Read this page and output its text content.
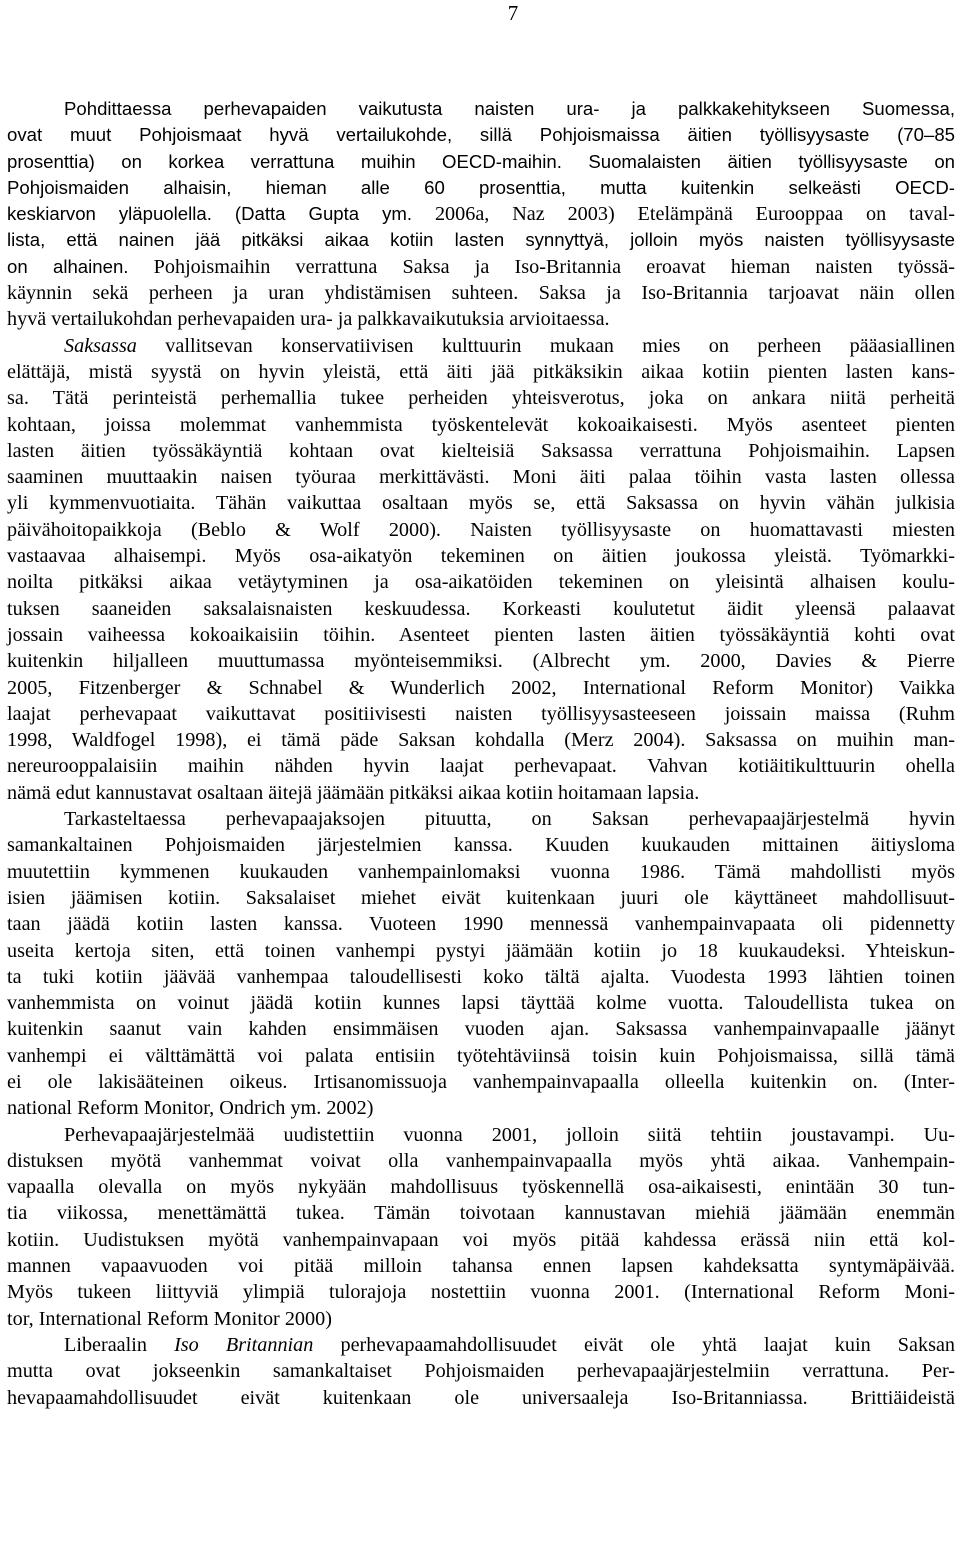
7
Pohdittaessa perhevapaiden vaikutusta naisten ura- ja palkkakehitykseen Suomessa,
ovat muut Pohjoismaat hyvä vertailukohde, sillä Pohjoismaissa äitien työllisyysaste (70–85
prosenttia) on korkea verrattuna muihin OECD-maihin. Suomalaisten äitien työllisyysaste on
Pohjoismaiden alhaisin, hieman alle 60 prosenttia, mutta kuitenkin selkeästi OECD-
keskiarvon yläpuolella. (Datta Gupta ym. 2006a, Naz 2003) Etelämpänä Eurooppaa on taval-
lista, että nainen jää pitkäksi aikaa kotiin lasten synnyttyä, jolloin myös naisten työllisyysaste
on alhainen. Pohjoismaihin verrattuna Saksa ja Iso-Britannia eroavat hieman naisten työssä-
käynnin sekä perheen ja uran yhdistämisen suhteen. Saksa ja Iso-Britannia tarjoavat näin ollen
hyvä vertailukohdan perhevapaiden ura- ja palkkavaikutuksia arvioitaessa.
Saksassa vallitsevan konservatiivisen kulttuurin mukaan mies on perheen pääasiallinen
elättäjä, mistä syystä on hyvin yleistä, että äiti jää pitkäksikin aikaa kotiin pienten lasten kans-
sa. Tätä perinteistä perhemallia tukee perheiden yhteisverotus, joka on ankara niitä perheitä
kohtaan, joissa molemmat vanhemmista työskentelevät kokoaikaisesti. Myös asenteet pienten
lasten äitien työssäkäyntiä kohtaan ovat kielteisiä Saksassa verrattuna Pohjoismaihin. Lapsen
saaminen muuttaakin naisen työuraa merkittävästi. Moni äiti palaa töihin vasta lasten ollessa
yli kymmenvuotiaita. Tähän vaikuttaa osaltaan myös se, että Saksassa on hyvin vähän julkisia
päivähoitopaikkoja (Beblo & Wolf 2000). Naisten työllisyysaste on huomattavasti miesten
vastaavaa alhaisempi. Myös osa-aikatyön tekeminen on äitien joukossa yleistä. Työmarkki-
noilta pitkäksi aikaa vetäytyminen ja osa-aikatöiden tekeminen on yleisintä alhaisen koulu-
tuksen saaneiden saksalaisnaisten keskuudessa. Korkeasti koulutetut äidit yleensä palaavat
jossain vaiheessa kokoaikaisiin töihin. Asenteet pienten lasten äitien työssäkäyntiä kohti ovat
kuitenkin hiljalleen muuttumassa myönteisemmiksi. (Albrecht ym. 2000, Davies & Pierre
2005, Fitzenberger & Schnabel & Wunderlich 2002, International Reform Monitor) Vaikka
laajat perhevapaat vaikuttavat positiivisesti naisten työllisyysasteeseen joissain maissa (Ruhm
1998, Waldfogel 1998), ei tämä päde Saksan kohdalla (Merz 2004). Saksassa on muihin man-
nereurooppalaisiin maihin nähden hyvin laajat perhevapaat. Vahvan kotiäitikulttuurin ohella
nämä edut kannustavat osaltaan äitejä jäämään pitkäksi aikaa kotiin hoitamaan lapsia.
Tarkasteltaessa perhevapaajaksojen pituutta, on Saksan perhevapaajärjestelmä hyvin
samankaltainen Pohjoismaiden järjestelmien kanssa. Kuuden kuukauden mittainen äitiysloma
muutettiin kymmenen kuukauden vanhempainlomaksi vuonna 1986. Tämä mahdollisti myös
isien jäämisen kotiin. Saksalaiset miehet eivät kuitenkaan juuri ole käyttäneet mahdollisuut-
taan jäädä kotiin lasten kanssa. Vuoteen 1990 mennessä vanhempainvapaata oli pidennetty
useita kertoja siten, että toinen vanhempi pystyi jäämään kotiin jo 18 kuukaudeksi. Yhteiskun-
ta tuki kotiin jäävää vanhempaa taloudellisesti koko tältä ajalta. Vuodesta 1993 lähtien toinen
vanhemmista on voinut jäädä kotiin kunnes lapsi täyttää kolme vuotta. Taloudellista tukea on
kuitenkin saanut vain kahden ensimmäisen vuoden ajan. Saksassa vanhempainvapaalle jäänyt
vanhempi ei välttämättä voi palata entisiin työtehtäviinsä toisin kuin Pohjoismaissa, sillä tämä
ei ole lakisääteinen oikeus. Irtisanomissuoja vanhempainvapaalla olleella kuitenkin on. (Inter-
national Reform Monitor, Ondrich ym. 2002)
Perhevapaajärjestelmää uudistettiin vuonna 2001, jolloin siitä tehtiin joustavampi. Uu-
distuksen myötä vanhemmat voivat olla vanhempainvapaalla myös yhtä aikaa. Vanhempain-
vapaalla olevalla on myös nykyään mahdollisuus työskennellä osa-aikaisesti, enintään 30 tun-
tia viikossa, menettämättä tukea. Tämän toivotaan kannustavan miehiä jäämään enemmän
kotiin. Uudistuksen myötä vanhempainvapaan voi myös pitää kahdessa erässä niin että kol-
mannen vapaavuoden voi pitää milloin tahansa ennen lapsen kahdeksatta syntymäpäivää.
Myös tukeen liittyviä ylimpiä tulorajoja nostettiin vuonna 2001. (International Reform Moni-
tor, International Reform Monitor 2000)
Liberaalin Iso Britannian perhevapaamahdollisuudet eivät ole yhtä laajat kuin Saksan
mutta ovat jokseenkin samankaltaiset Pohjoismaiden perhevapaajärjestelmiin verrattuna. Per-
hevapaamahdollisuudet eivät kuitenkaan ole universaaleja Iso-Britanniassa. Brittiäideistä
